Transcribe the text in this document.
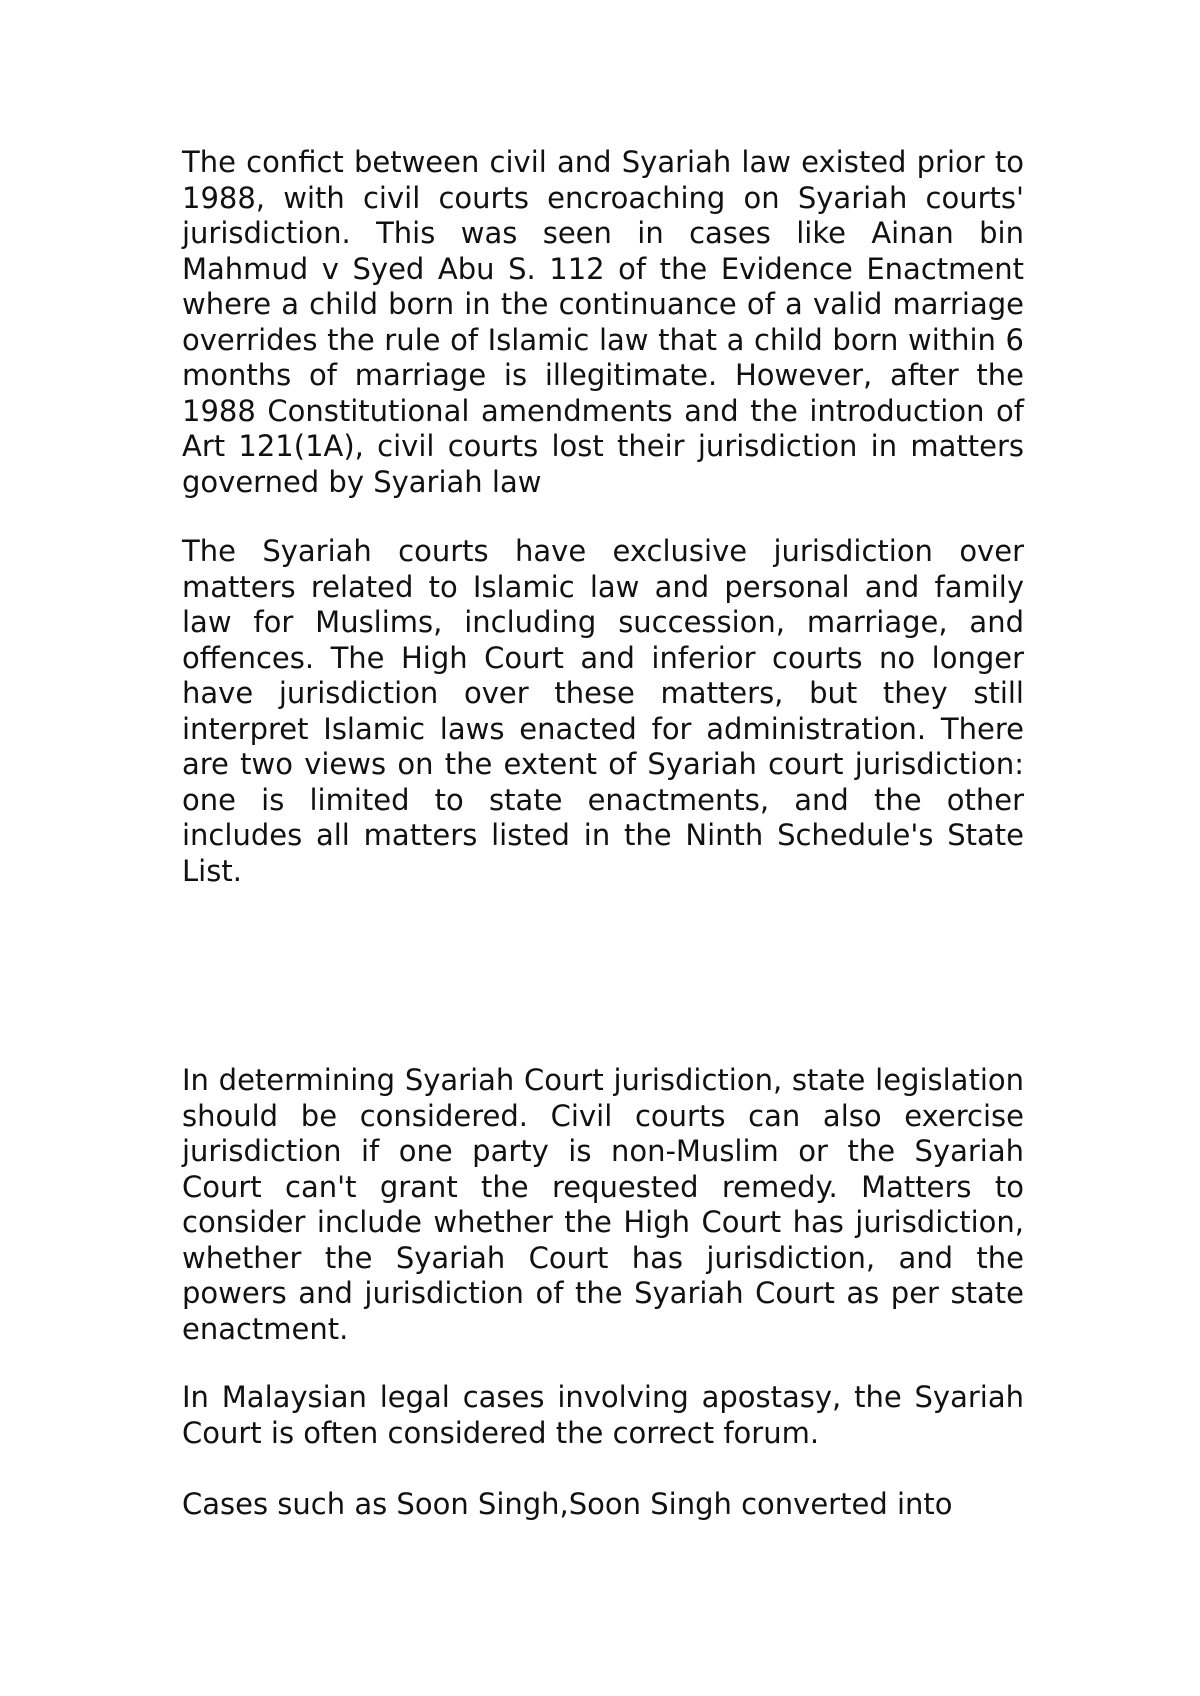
The confict between civil and Syariah law existed prior to 1988, with civil courts encroaching on Syariah courts' jurisdiction. This was seen in cases like Ainan bin Mahmud v Syed Abu S. 112 of the Evidence Enactment where a child born in the continuance of a valid marriage overrides the rule of Islamic law that a child born within 6 months of marriage is illegitimate. However, after the 1988 Constitutional amendments and the introduction of Art 121(1A), civil courts lost their jurisdiction in matters governed by Syariah law

The Syariah courts have exclusive jurisdiction over matters related to Islamic law and personal and family law for Muslims, including succession, marriage, and offences. The High Court and inferior courts no longer have jurisdiction over these matters, but they still interpret Islamic laws enacted for administration. There are two views on the extent of Syariah court jurisdiction: one is limited to state enactments, and the other includes all matters listed in the Ninth Schedule's State List.

In determining Syariah Court jurisdiction, state legislation should be considered. Civil courts can also exercise jurisdiction if one party is non-Muslim or the Syariah Court can't grant the requested remedy. Matters to consider include whether the High Court has jurisdiction, whether the Syariah Court has jurisdiction, and the powers and jurisdiction of the Syariah Court as per state enactment.

In Malaysian legal cases involving apostasy, the Syariah Court is often considered the correct forum.

Cases such as Soon Singh,Soon Singh converted into
